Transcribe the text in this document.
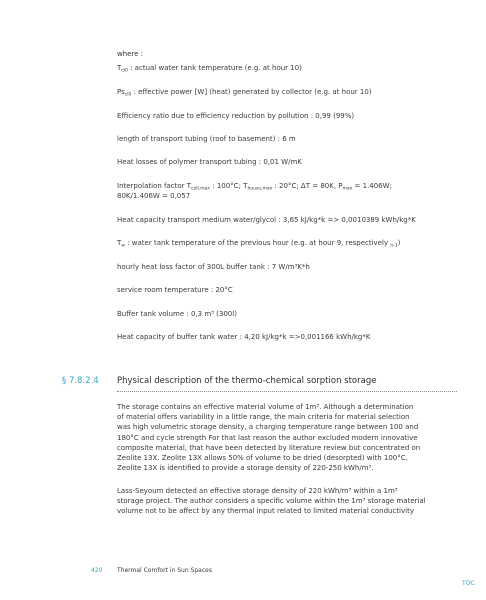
where :
$T_{cl0}$ : actual water tank temperature (e.g. at hour 10)
$Ps_{cl0}$ : effective power [W] (heat) generated by collector (e.g. at hour 10)
Efficiency ratio due to efficiency reduction by pollution : 0,99 (99%)
length of transport tubing (roof to basement) : 6 m
Heat losses of polymer transport tubing : 0,01 W/mK
Interpolation factor $T_{coll,max}$ : 100°C; $T_{house,max}$ : 20°C; ΔT = 80K, $P_{max} = 1.406W$;
80K/1.406W = 0,057
Heat capacity transport medium water/glycol : 3,65 kJ/kg*k => 0,0010389 kWh/kg*K
$T_w$ : water tank temperature of the previous hour (e.g. at hour 9, respectively $_{n-1}$)
hourly heat loss factor of 300L buffer tank : 7 W/m³K*h
service room temperature : 20°C
Buffer tank volume : 0,3 m³ (300l)
Heat capacity of buffer tank water : 4,20 kJ/kg*k =>0,001166 kWh/kg*K
§ 7.8.2.4 Physical description of the thermo-chemical sorption storage
The storage contains an effective material volume of 1m³. Although a determination
of material offers variability in a little range, the main criteria for material selection
was high volumetric storage density, a charging temperature range between 100 and
180°C and cycle strength For that last reason the author excluded modern innovative
composite material, that have been detected by literature review but concentrated on
Zeolite 13X. Zeolite 13X allows 50% of volume to be dried (desorpted) with 100°C.
Zeolite 13X is identified to provide a storage density of 220-250 kWh/m³.
Lass-Seyoum detected an effective storage density of 220 kWh/m³ within a 1m³
storage project. The author considers a specific volume within the 1m³ storage material
volume not to be affect by any thermal input related to limited material conductivity
420 Thermal Comfort in Sun Spaces
TOC
